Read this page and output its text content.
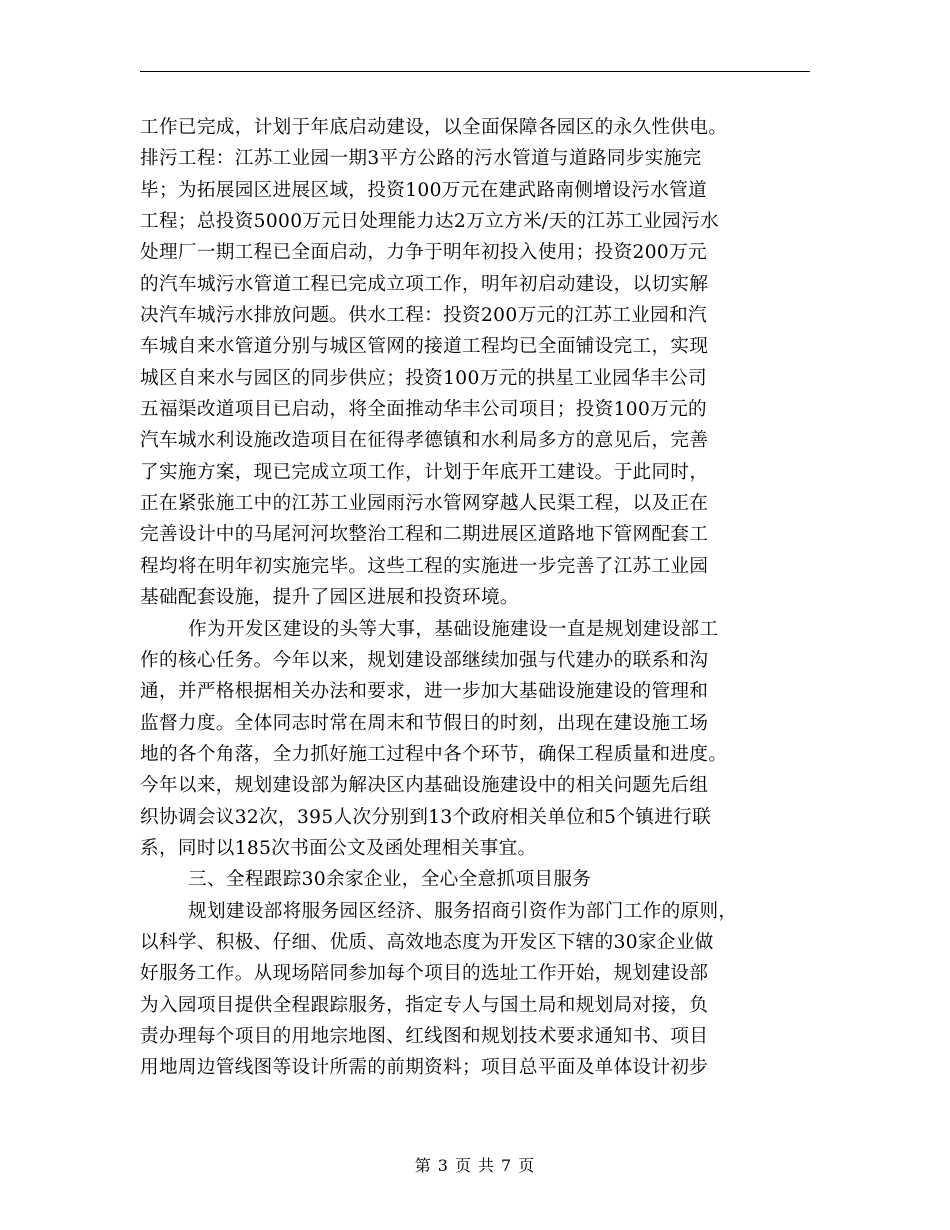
工作已完成，计划于年底启动建设，以全面保障各园区的永久性供电。
排污工程：江苏工业园一期3平方公路的污水管道与道路同步实施完
毕；为拓展园区进展区域，投资100万元在建武路南侧增设污水管道
工程；总投资5000万元日处理能力达2万立方米/天的江苏工业园污水
处理厂一期工程已全面启动，力争于明年初投入使用；投资200万元
的汽车城污水管道工程已完成立项工作，明年初启动建设，以切实解
决汽车城污水排放问题。供水工程：投资200万元的江苏工业园和汽
车城自来水管道分别与城区管网的接道工程均已全面铺设完工，实现
城区自来水与园区的同步供应；投资100万元的拱星工业园华丰公司
五福渠改道项目已启动，将全面推动华丰公司项目；投资100万元的
汽车城水利设施改造项目在征得孝德镇和水利局多方的意见后，完善
了实施方案，现已完成立项工作，计划于年底开工建设。于此同时，
正在紧张施工中的江苏工业园雨污水管网穿越人民渠工程，以及正在
完善设计中的马尾河河坎整治工程和二期进展区道路地下管网配套工
程均将在明年初实施完毕。这些工程的实施进一步完善了江苏工业园
基础配套设施，提升了园区进展和投资环境。
作为开发区建设的头等大事，基础设施建设一直是规划建设部工
作的核心任务。今年以来，规划建设部继续加强与代建办的联系和沟
通，并严格根据相关办法和要求，进一步加大基础设施建设的管理和
监督力度。全体同志时常在周末和节假日的时刻，出现在建设施工场
地的各个角落，全力抓好施工过程中各个环节，确保工程质量和进度。
今年以来，规划建设部为解决区内基础设施建设中的相关问题先后组
织协调会议32次，395人次分别到13个政府相关单位和5个镇进行联
系，同时以185次书面公文及函处理相关事宜。
三、全程跟踪30余家企业，全心全意抓项目服务
规划建设部将服务园区经济、服务招商引资作为部门工作的原则，
以科学、积极、仔细、优质、高效地态度为开发区下辖的30家企业做
好服务工作。从现场陪同参加每个项目的选址工作开始，规划建设部
为入园项目提供全程跟踪服务，指定专人与国土局和规划局对接，负
责办理每个项目的用地宗地图、红线图和规划技术要求通知书、项目
用地周边管线图等设计所需的前期资料；项目总平面及单体设计初步
第 3 页 共 7 页
